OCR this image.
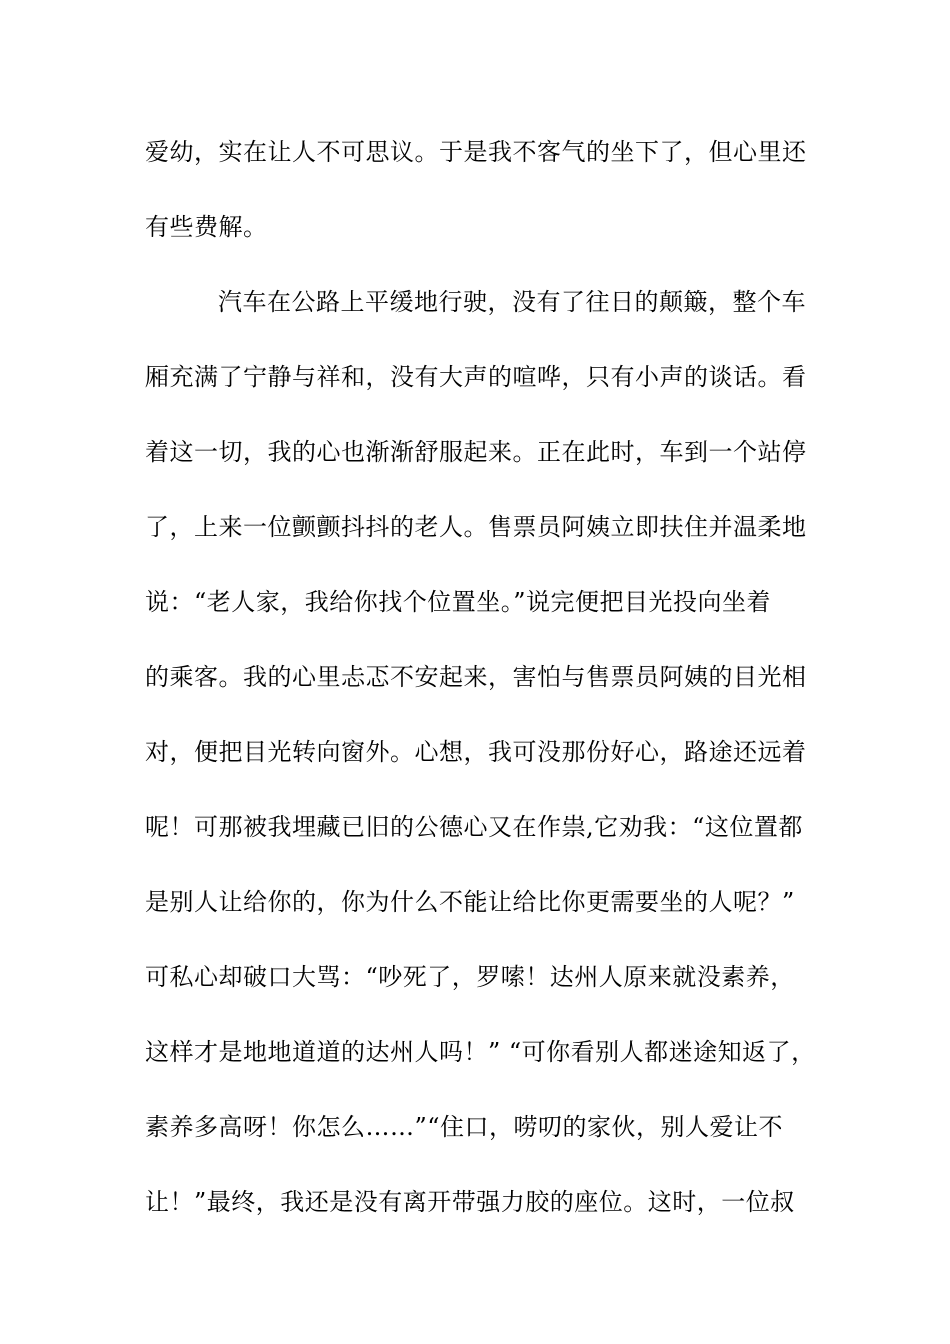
爱幼，实在让人不可思议。于是我不客气的坐下了，但心里还
有些费解。
汽车在公路上平缓地行驶，没有了往日的颠簸，整个车
厢充满了宁静与祥和，没有大声的喧哗，只有小声的谈话。看
着这一切，我的心也渐渐舒服起来。正在此时，车到一个站停
了，上来一位颤颤抖抖的老人。售票员阿姨立即扶住并温柔地
说：“老人家，我给你找个位置坐。”说完便把目光投向坐着
的乘客。我的心里忐忑不安起来，害怕与售票员阿姨的目光相
对，便把目光转向窗外。心想，我可没那份好心，路途还远着
呢！可那被我埋藏已旧的公德心又在作祟,它劝我：“这位置都
是别人让给你的，你为什么不能让给比你更需要坐的人呢？”
可私心却破口大骂：“吵死了，罗嗦！达州人原来就没素养，
这样才是地地道道的达州人吗！” “可你看别人都迷途知返了，
素养多高呀！你怎么……”“住口，唠叨的家伙，别人爱让不
让！”最终，我还是没有离开带强力胶的座位。这时，一位叔
